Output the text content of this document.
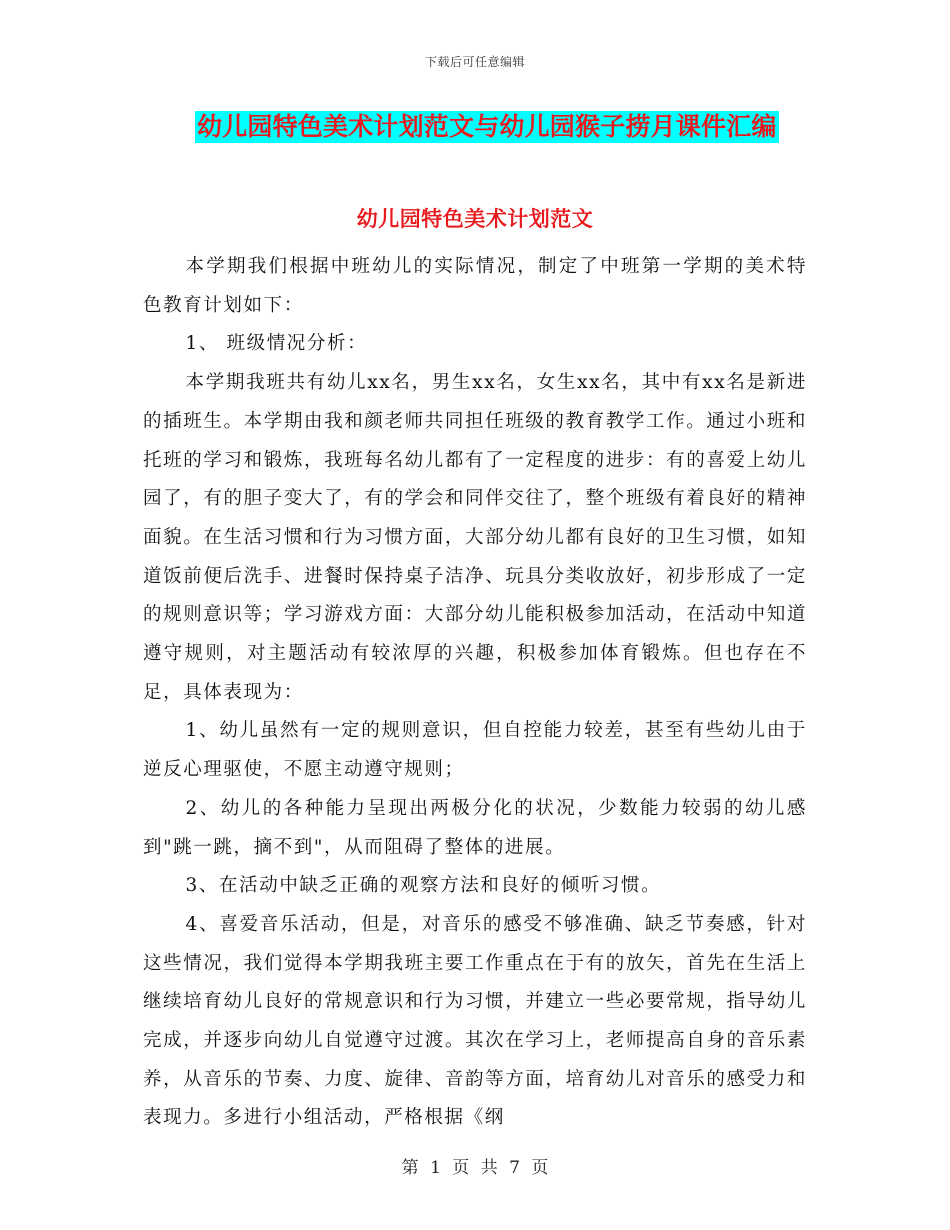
下载后可任意编辑
幼儿园特色美术计划范文与幼儿园猴子捞月课件汇编
幼儿园特色美术计划范文

本学期我们根据中班幼儿的实际情况，制定了中班第一学期的美术特色教育计划如下：

1、 班级情况分析：

本学期我班共有幼儿xx名，男生xx名，女生xx名，其中有xx名是新进的插班生。本学期由我和颜老师共同担任班级的教育教学工作。通过小班和托班的学习和锻炼，我班每名幼儿都有了一定程度的进步：有的喜爱上幼儿园了，有的胆子变大了，有的学会和同伴交往了，整个班级有着良好的精神面貌。在生活习惯和行为习惯方面，大部分幼儿都有良好的卫生习惯，如知道饭前便后洗手、进餐时保持桌子洁净、玩具分类收放好，初步形成了一定的规则意识等；学习游戏方面：大部分幼儿能积极参加活动，在活动中知道遵守规则，对主题活动有较浓厚的兴趣，积极参加体育锻炼。但也存在不足，具体表现为：

1、幼儿虽然有一定的规则意识，但自控能力较差，甚至有些幼儿由于逆反心理驱使，不愿主动遵守规则；

2、幼儿的各种能力呈现出两极分化的状况，少数能力较弱的幼儿感到"跳一跳，摘不到"，从而阻碍了整体的进展。

3、在活动中缺乏正确的观察方法和良好的倾听习惯。

4、喜爱音乐活动，但是，对音乐的感受不够准确、缺乏节奏感，针对这些情况，我们觉得本学期我班主要工作重点在于有的放矢，首先在生活上继续培育幼儿良好的常规意识和行为习惯，并建立一些必要常规，指导幼儿完成，并逐步向幼儿自觉遵守过渡。其次在学习上，老师提高自身的音乐素养，从音乐的节奏、力度、旋律、音韵等方面，培育幼儿对音乐的感受力和表现力。多进行小组活动，严格根据《纲

第 1 页 共 7 页
